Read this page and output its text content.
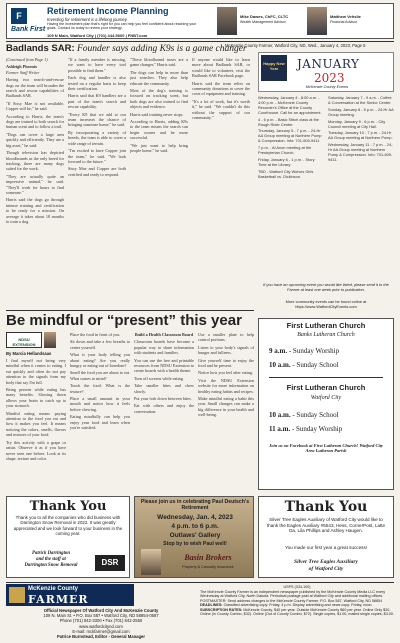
Bank First
F	Retirement Income Planning
Investing for retirement is a lifelong journey.
Having the investment plan that's right for you can help you feel confident about reaching your goals. Contact us today to review your strategy.
109 N Main, Watford City | (701) 444-5000 | FNBT.com
Mike Dawes, ChFC, CLTC
Wealth Management Advisor
Matthew Vehslie
Financial Advisor
McKenzie County Farmer, Watford City, ND, Wed., January 4, 2023, Page 5
Badlands SAR: Founder says adding K9s is a game changer

(Continued from Page 1)

Ashleigh Phoenix

Farmer Staff Writer

Having two search-and-rescue dogs on the team will broaden the search and rescue capabilities of Badlands SAR.

"If Sissy Mae is not available, Copper will be," he said.

According to Harris, the team's dogs are trained to both search for human scent and to follow a trail.

"Dogs can cover a large area quickly and efficiently. They are a big asset," he said.

Though television has depicted bloodhounds as the only breed for tracking, there are many dogs suited for the work.

"They are actually quite an impressive animal," he said. "They'll work for hours to find someone."

Harris said the dogs go through intense training and certification to be ready for a mission. On average it takes about 18 months to train a dog.

"If a family member is missing, we want to have every tool possible to find them."

Each dog and handler is also tested on a regular basis to keep their certification.

Harris said that K9 handlers are a part of the team's search and rescue capability.

"Every K9 that we add to our team increases the chance of bringing someone home," he said.

By incorporating a variety of breeds, the team is able to cover a wide range of terrain.

"I'm excited to have Copper join the team," he said. "We look forward to the future."

Sissy Mae and Copper are both certified and ready to respond.

"These bloodhound noses are a game changer," Harris said.

The dogs can help in more than just searches. They also help educate the community.

Most of the dog's training is focused on tracking scent, but both dogs are also trained to find objects and evidence.

Harris said training never stops.

According to Harris, adding K9s to the team means the search can begin sooner and be more successful.

"We just want to help bring people home," he said.

If anyone would like to learn more about Badlands SAR, or would like to volunteer, visit the Badlands SAR Facebook page.

Harris said the team relies on community donations to cover the costs of equipment and training.

"It's a lot of work, but it's worth it," he said. "We couldn't do this without the support of our community."

Happy New Year	JANUARY
2023
McKenzie County Events

Wednesday, January 4 - 8:00 a.m. - 4:00 p.m. - McKenzie County Recorder's Office at the County Courthouse. Call for an appointment.

4 - 6 p.m. - Basic Stitch class at the Rough Rider Center.

Thursday, January 5 - 7 p.m. - 24-Hr AA Group meeting at Northern Pump & Compression. Info: 701-609-9411.

7 p.m. - Al Anon meeting at the Presbyterian Church.

Friday, January 6 - 1 p.m. - Story Time at the Library.

TBD - Watford City Wolves Girls Basketball vs. Dickinson.

Saturday, January 7 - 9 a.m. - Coffee & Conversation at the Senior Center.

Sunday, January 8 - 5 p.m. - 24-Hr AA Group meeting.

Monday, January 9 - 6 p.m. - City Council meeting at City Hall.

Tuesday, January 10 - 7 p.m. - 24-Hr AA Group meeting at Northern Pump.

Wednesday, January 11 - 7 p.m. - 24-Hr AA Group meeting at Northern Pump & Compression. Info: 701-609-9411.

If you have an upcoming event you would like listed, please send it to the Farmer at least one week prior to publication.
More community events can be found online at https://www.WatfordCityEvents.com
Be mindful or “present” this year
NDSU EXTENSION
By Marcia Hellandsaas

I find myself not being very mindful when it comes to eating. I eat quickly and often do not pay attention to the signals from my body that say I'm full.

Being present while eating has many benefits. Slowing down allows your brain to catch up to your stomach.

Mindful eating means paying attention to the food you eat and how it makes you feel. It means noticing the colors, smells, flavors and textures of your food.

Try this activity with a grape or raisin. Observe it as if you have never seen one before. Look at its shape, texture and color.

Place the food in front of you.

Sit down and take a few breaths to center yourself.

What is your body telling you about eating? Are you really hungry or eating out of boredom?

Smell the food you are about to eat. What comes to mind?

Touch the food. What is the texture?

Place a small amount in your mouth and notice how it feels before chewing.

Eating mindfully can help you enjoy your food and learn when you're satisfied.

Build a Health Classroom Board

Classroom boards have become a popular way to share information with students and families.

You can use the free and printable resources from NDSU Extension to create boards with a health theme.

Turn off screens while eating.

Take smaller bites and chew slowly.

Put your fork down between bites.

Eat with others and enjoy the conversation.

Use a smaller plate to help control portions.

Listen to your body's signals of hunger and fullness.

Give yourself time to enjoy the food and be present.

Notice how you feel after eating.

Visit the NDSU Extension website for more information on healthy eating habits and recipes.

Make mindful eating a habit this year. Small changes can make a big difference in your health and well-being.

First Lutheran Church
Banks Lutheran Church
9 a.m. - Sunday Worship
10 a.m. - Sunday School
First Lutheran Church
Watford City
10 a.m. - Sunday School
11 a.m. - Sunday Worship
Join us on Facebook at First Lutheran Church! Watford City Area Lutheran Parish
Thank You
Thank you to all the companies who did business with Darrington Snow Removal in 2022. It was greatly appreciated and we look forward to your business in the coming year.
Patrick Darrington
and the staff at
Darrington Snow Removal	DSR
Please join us in celebrating Paul Deutsch's Retirement
Wednesday, Jan. 4, 2023
4 p.m. to 6 p.m.
Outlaws' Gallery
Stop by to wish Paul well!
Basin Brokers
Property & Casualty Insurance
Thank You
Silver Tree Eagles Auxiliary of Watford City would like to thank the Eagles Auxiliary #5543, Hess, CornerPost, Latte Da, Lila Phillips and Ashley Haugen.
You made our first year a great success!
Silver Tree Eagles Auxiliary
of Watford City
McKenzie County
FARMER
Official Newspaper Of Watford City And McKenzie County
109 N. Main St. • P.O. Box 587 • Watford City, ND 58854-0587
Phone (701) 842-3300 • Fax (701) 842-2550
www.watfordcitynd.com
E-mail: mckfarmer@gmail.com
Patrice Burnstead, Editor - General Manager
USPS (334-100)
The McKenzie County Farmer is an independent newspaper published by the McKenzie County Media LLC every Wednesday at Watford City, North Dakota. Periodical postage paid at Watford City and additional mailing offices.
POSTMASTER: Send address changes to the McKenzie County Farmer, P.O. Box 587, Watford City, ND 58854
DEADLINES: Classified advertising copy: Friday, 4 p.m. Display advertising and news copy: Friday, noon.
SUBSCRIPTION RATES: McKenzie County, $40 per year. Outside McKenzie County $60 per year. Online Only $30. Online (In County Combo, $32). Online (Out of County Combo, $72). Single copies, $1.00, mailed single copies, $3.00.
